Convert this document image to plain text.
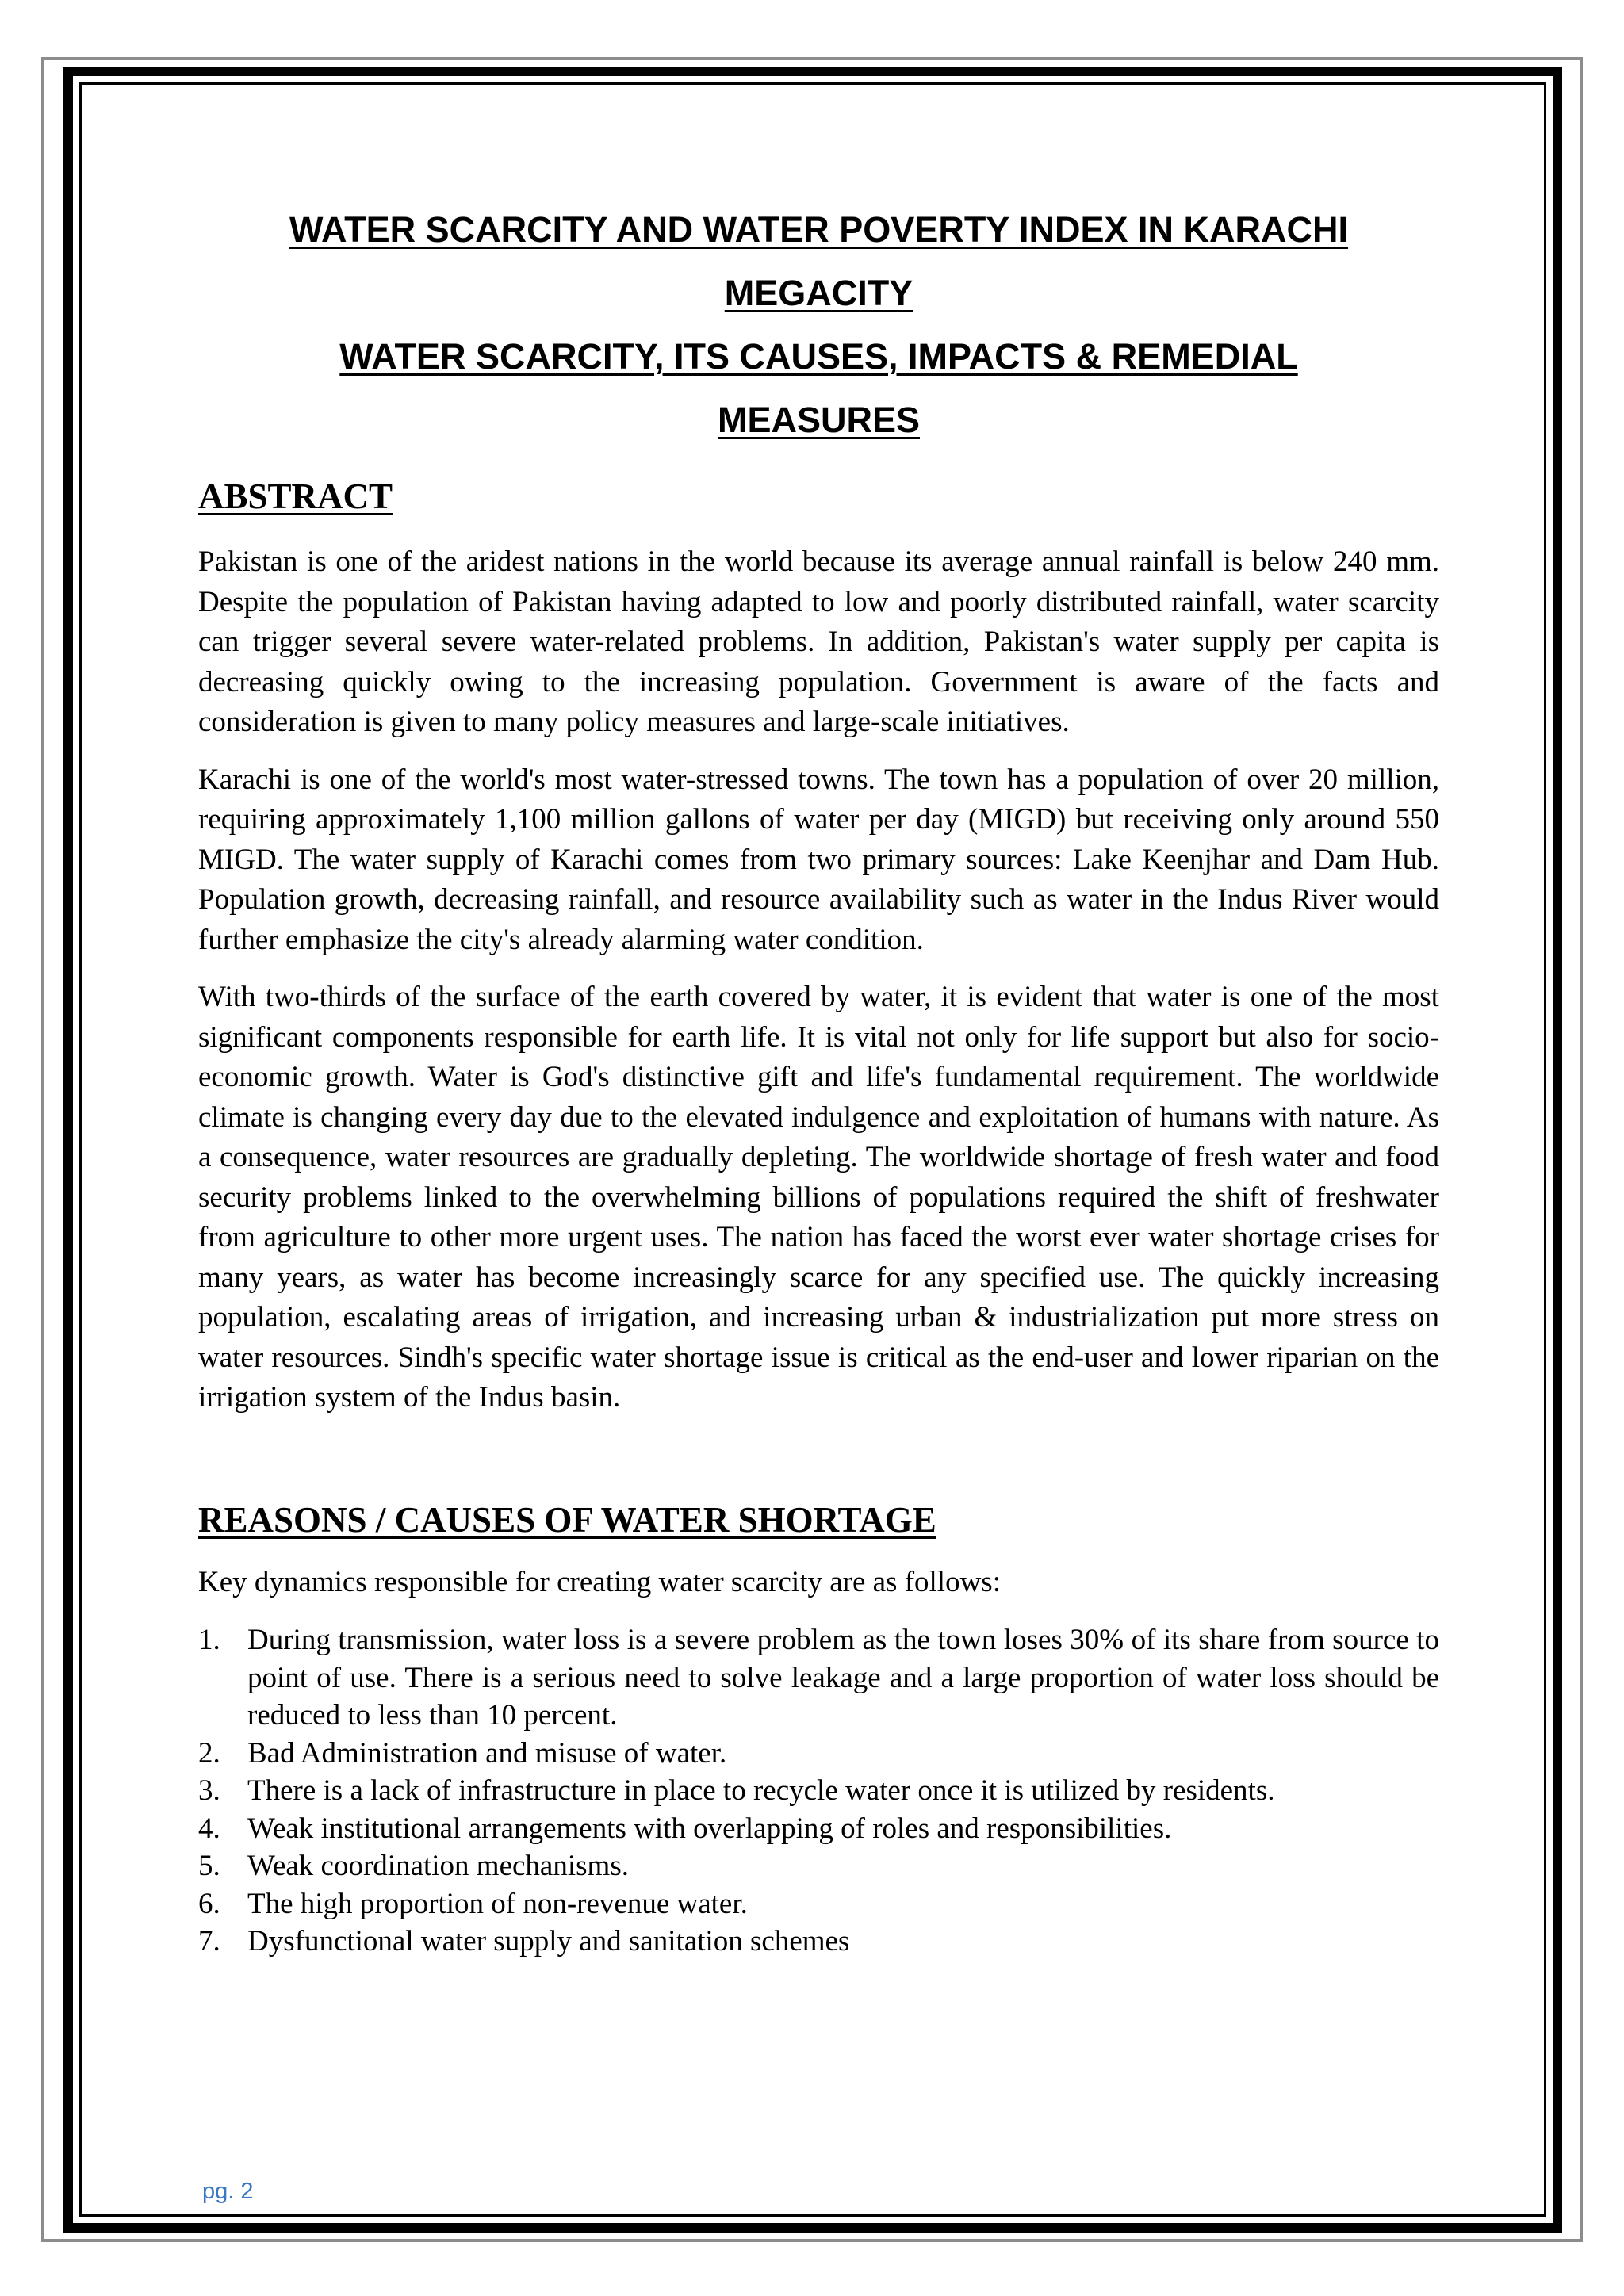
WATER SCARCITY AND WATER POVERTY INDEX IN KARACHI
MEGACITY
WATER SCARCITY, ITS CAUSES, IMPACTS & REMEDIAL
MEASURES
ABSTRACT

Pakistan is one of the aridest nations in the world because its average annual rainfall is below 240 mm. Despite the population of Pakistan having adapted to low and poorly distributed rainfall, water scarcity can trigger several severe water-related problems. In addition, Pakistan's water supply per capita is decreasing quickly owing to the increasing population. Government is aware of the facts and consideration is given to many policy measures and large-scale initiatives.

Karachi is one of the world's most water-stressed towns. The town has a population of over 20 million, requiring approximately 1,100 million gallons of water per day (MIGD) but receiving only around 550 MIGD. The water supply of Karachi comes from two primary sources: Lake Keenjhar and Dam Hub. Population growth, decreasing rainfall, and resource availability such as water in the Indus River would further emphasize the city's already alarming water condition.

With two-thirds of the surface of the earth covered by water, it is evident that water is one of the most significant components responsible for earth life. It is vital not only for life support but also for socio-economic growth. Water is God's distinctive gift and life's fundamental requirement. The worldwide climate is changing every day due to the elevated indulgence and exploitation of humans with nature. As a consequence, water resources are gradually depleting. The worldwide shortage of fresh water and food security problems linked to the overwhelming billions of populations required the shift of freshwater from agriculture to other more urgent uses. The nation has faced the worst ever water shortage crises for many years, as water has become increasingly scarce for any specified use. The quickly increasing population, escalating areas of irrigation, and increasing urban & industrialization put more stress on water resources. Sindh's specific water shortage issue is critical as the end-user and lower riparian on the irrigation system of the Indus basin.

REASONS / CAUSES OF WATER SHORTAGE

Key dynamics responsible for creating water scarcity are as follows:

1. During transmission, water loss is a severe problem as the town loses 30% of its share from source to point of use. There is a serious need to solve leakage and a large proportion of water loss should be reduced to less than 10 percent.
2. Bad Administration and misuse of water.
3. There is a lack of infrastructure in place to recycle water once it is utilized by residents.
4. Weak institutional arrangements with overlapping of roles and responsibilities.
5. Weak coordination mechanisms.
6. The high proportion of non-revenue water.
7. Dysfunctional water supply and sanitation schemes
pg. 2
